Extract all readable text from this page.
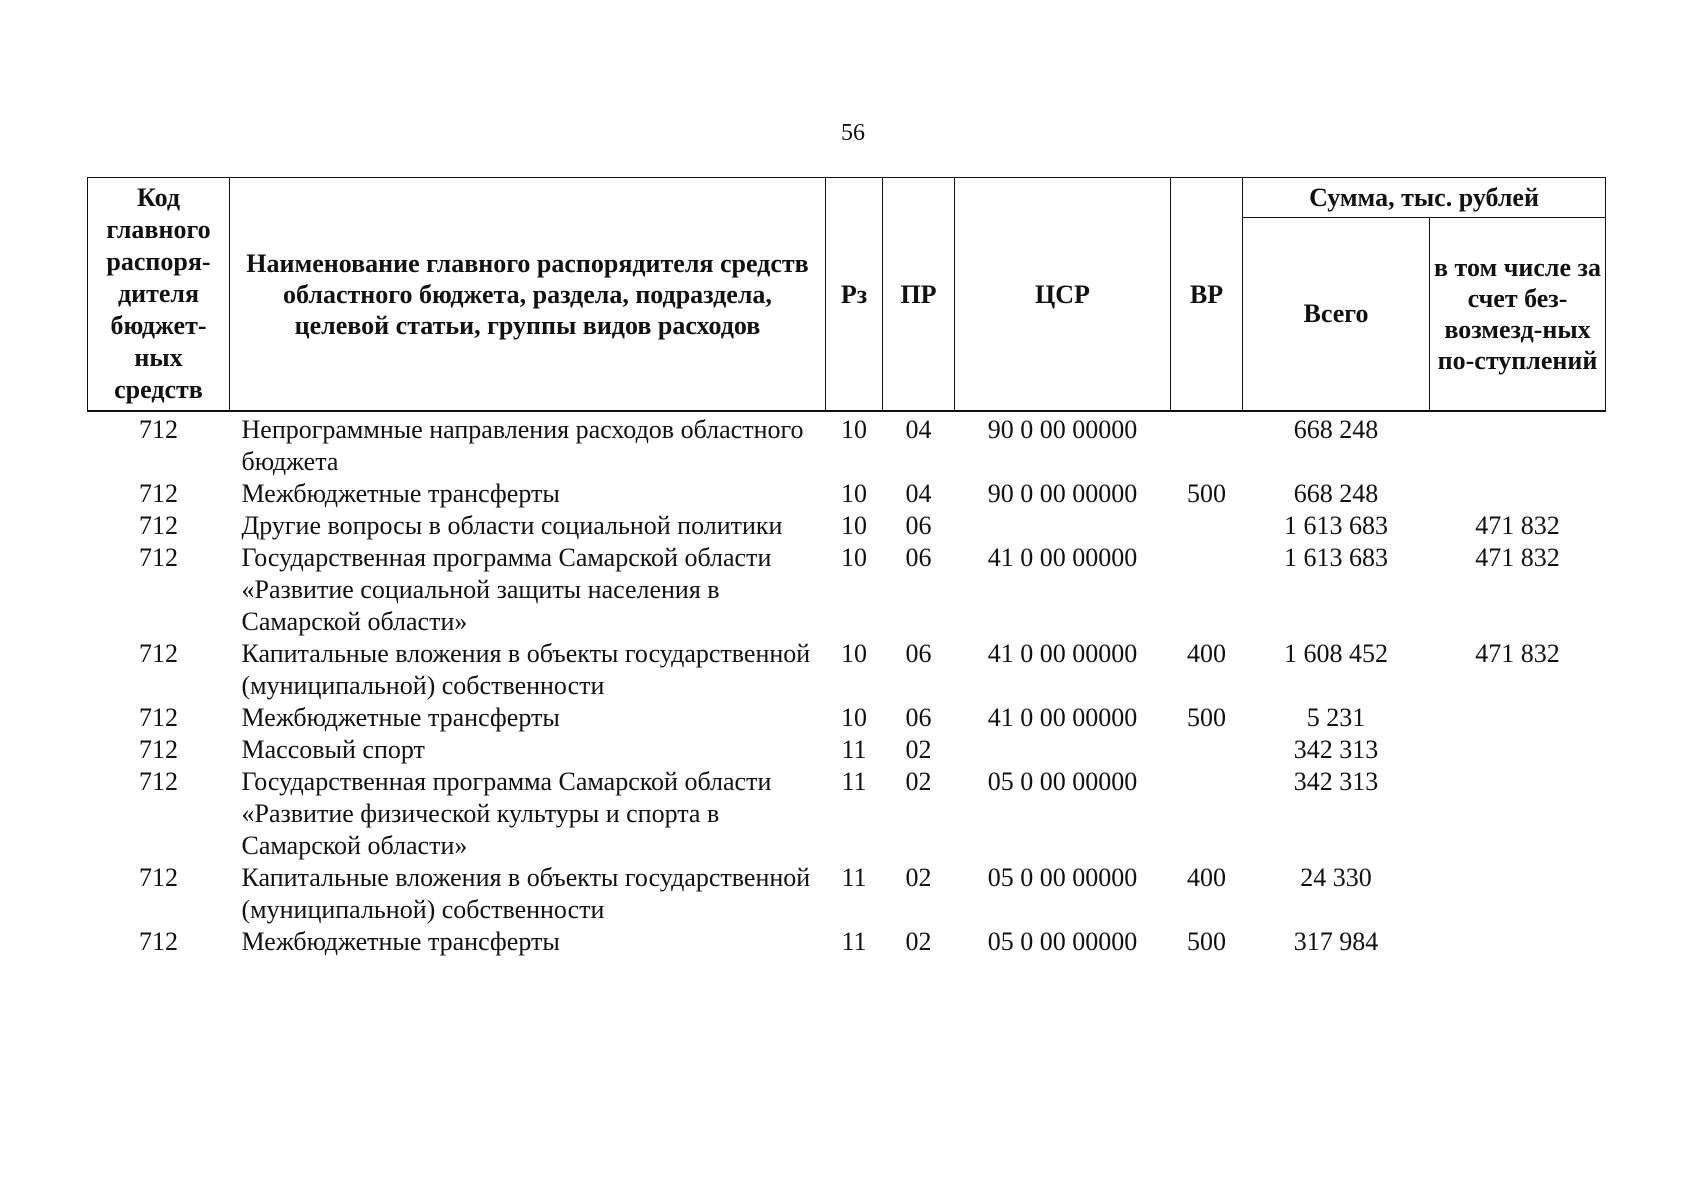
56
Код главного распоря-дителя бюджет-ных средств	Наименование главного распорядителя средств областного бюджета, раздела, подраздела, целевой статьи, группы видов расходов	Рз	ПР	ЦСР	ВР	Сумма, тыс. рублей	
						Всего	в том числе за счет без-возмезд-ных по-ступлений
712	Непрограммные направления расходов областного бюджета	10	04	90 0 00 00000		668 248	
712	Межбюджетные трансферты	10	04	90 0 00 00000	500	668 248	
712	Другие вопросы в области социальной политики	10	06			1 613 683	471 832
712	Государственная программа Самарской области «Развитие социальной защиты населения в Самарской области»	10	06	41 0 00 00000		1 613 683	471 832
712	Капитальные вложения в объекты государственной (муниципальной) собственности	10	06	41 0 00 00000	400	1 608 452	471 832
712	Межбюджетные трансферты	10	06	41 0 00 00000	500	5 231	
712	Массовый спорт	11	02			342 313	
712	Государственная программа Самарской области «Развитие физической культуры и спорта в Самарской области»	11	02	05 0 00 00000		342 313	
712	Капитальные вложения в объекты государственной (муниципальной) собственности	11	02	05 0 00 00000	400	24 330	
712	Межбюджетные трансферты	11	02	05 0 00 00000	500	317 984	
